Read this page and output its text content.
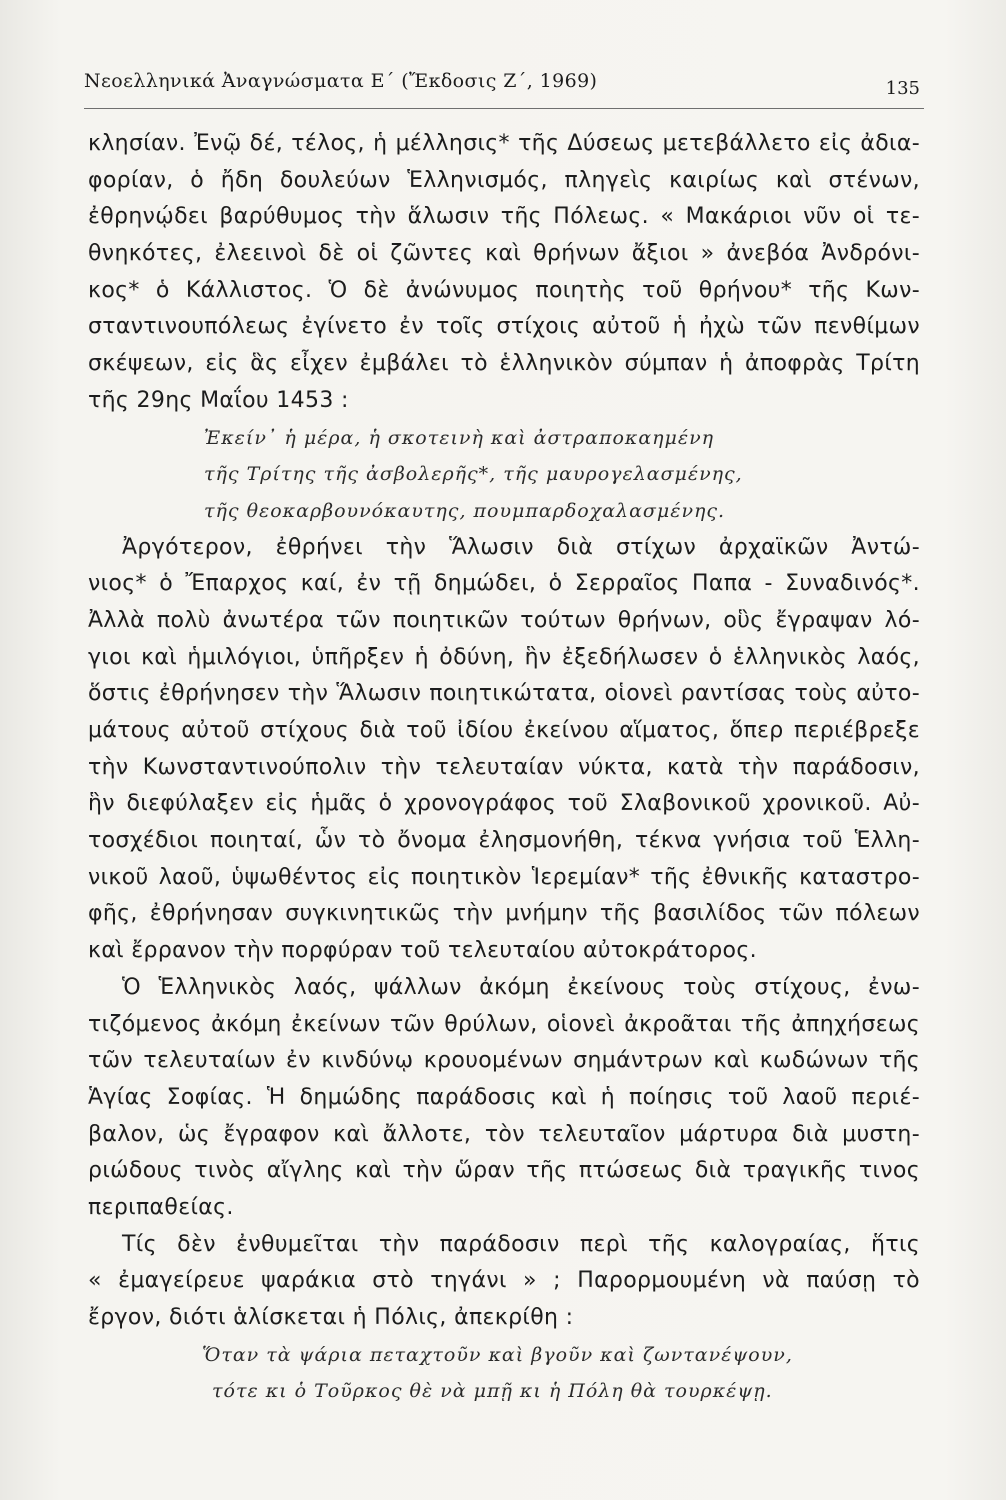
Νεοελληνικά Ἀναγνώσματα Ε΄ (Ἔκδοσις Ζ΄, 1969)	135
κλησίαν. Ἐνῷ δέ, τέλος, ἡ μέλλησις* τῆς Δύσεως μετεβάλλετο εἰς ἀδια-
φορίαν, ὁ ἤδη δουλεύων Ἑλληνισμός, πληγεὶς καιρίως καὶ στένων,
ἐθρηνῴδει βαρύθυμος τὴν ἅλωσιν τῆς Πόλεως. « Μακάριοι νῦν οἱ τε-
θνηκότες, ἐλεεινοὶ δὲ οἱ ζῶντες καὶ θρήνων ἄξιοι » ἀνεβόα Ἀνδρόνι-
κος* ὁ Κάλλιστος. Ὁ δὲ ἀνώνυμος ποιητὴς τοῦ θρήνου* τῆς Κων-
σταντινουπόλεως ἐγίνετο ἐν τοῖς στίχοις αὐτοῦ ἡ ἠχὼ τῶν πενθίμων
σκέψεων, εἰς ἃς εἶχεν ἐμβάλει τὸ ἑλληνικὸν σύμπαν ἡ ἀποφρὰς Τρίτη
τῆς 29ης Μαΐου 1453 :
Ἐκείν᾽ ἡ μέρα, ἡ σκοτεινὴ καὶ ἀστραποκαημένη
τῆς Τρίτης τῆς ἀσβολερῆς*, τῆς μαυρογελασμένης,
τῆς θεοκαρβουνόκαυτης, πουμπαρδοχαλασμένης.
Ἀργότερον, ἐθρήνει τὴν Ἅλωσιν διὰ στίχων ἀρχαϊκῶν Ἀντώ-
νιος* ὁ Ἔπαρχος καί, ἐν τῇ δημώδει, ὁ Σερραῖος Παπα - Συναδινός*.
Ἀλλὰ πολὺ ἀνωτέρα τῶν ποιητικῶν τούτων θρήνων, οὓς ἔγραψαν λό-
γιοι καὶ ἡμιλόγιοι, ὑπῆρξεν ἡ ὀδύνη, ἣν ἐξεδήλωσεν ὁ ἑλληνικὸς λαός,
ὅστις ἐθρήνησεν τὴν Ἅλωσιν ποιητικώτατα, οἱονεὶ ραντίσας τοὺς αὐτο-
μάτους αὐτοῦ στίχους διὰ τοῦ ἰδίου ἐκείνου αἵματος, ὅπερ περιέβρεξε
τὴν Κωνσταντινούπολιν τὴν τελευταίαν νύκτα, κατὰ τὴν παράδοσιν,
ἣν διεφύλαξεν εἰς ἡμᾶς ὁ χρονογράφος τοῦ Σλαβονικοῦ χρονικοῦ. Αὐ-
τοσχέδιοι ποιηταί, ὧν τὸ ὄνομα ἐλησμονήθη, τέκνα γνήσια τοῦ Ἑλλη-
νικοῦ λαοῦ, ὑψωθέντος εἰς ποιητικὸν Ἱερεμίαν* τῆς ἐθνικῆς καταστρο-
φῆς, ἐθρήνησαν συγκινητικῶς τὴν μνήμην τῆς βασιλίδος τῶν πόλεων
καὶ ἔρρανον τὴν πορφύραν τοῦ τελευταίου αὐτοκράτορος.
Ὁ Ἑλληνικὸς λαός, ψάλλων ἀκόμη ἐκείνους τοὺς στίχους, ἐνω-
τιζόμενος ἀκόμη ἐκείνων τῶν θρύλων, οἱονεὶ ἀκροᾶται τῆς ἀπηχήσεως
τῶν τελευταίων ἐν κινδύνῳ κρουομένων σημάντρων καὶ κωδώνων τῆς
Ἁγίας Σοφίας. Ἡ δημώδης παράδοσις καὶ ἡ ποίησις τοῦ λαοῦ περιέ-
βαλον, ὡς ἔγραφον καὶ ἄλλοτε, τὸν τελευταῖον μάρτυρα διὰ μυστη-
ριώδους τινὸς αἴγλης καὶ τὴν ὥραν τῆς πτώσεως διὰ τραγικῆς τινος
περιπαθείας.
Τίς δὲν ἐνθυμεῖται τὴν παράδοσιν περὶ τῆς καλογραίας, ἥτις
« ἐμαγείρευε ψαράκια στὸ τηγάνι » ; Παρορμουμένη νὰ παύσῃ τὸ
ἔργον, διότι ἁλίσκεται ἡ Πόλις, ἀπεκρίθη :
Ὅταν τὰ ψάρια πεταχτοῦν καὶ βγοῦν καὶ ζωντανέψουν,
τότε κι ὁ Τοῦρκος θὲ νὰ μπῇ κι ἡ Πόλη θὰ τουρκέψῃ.
